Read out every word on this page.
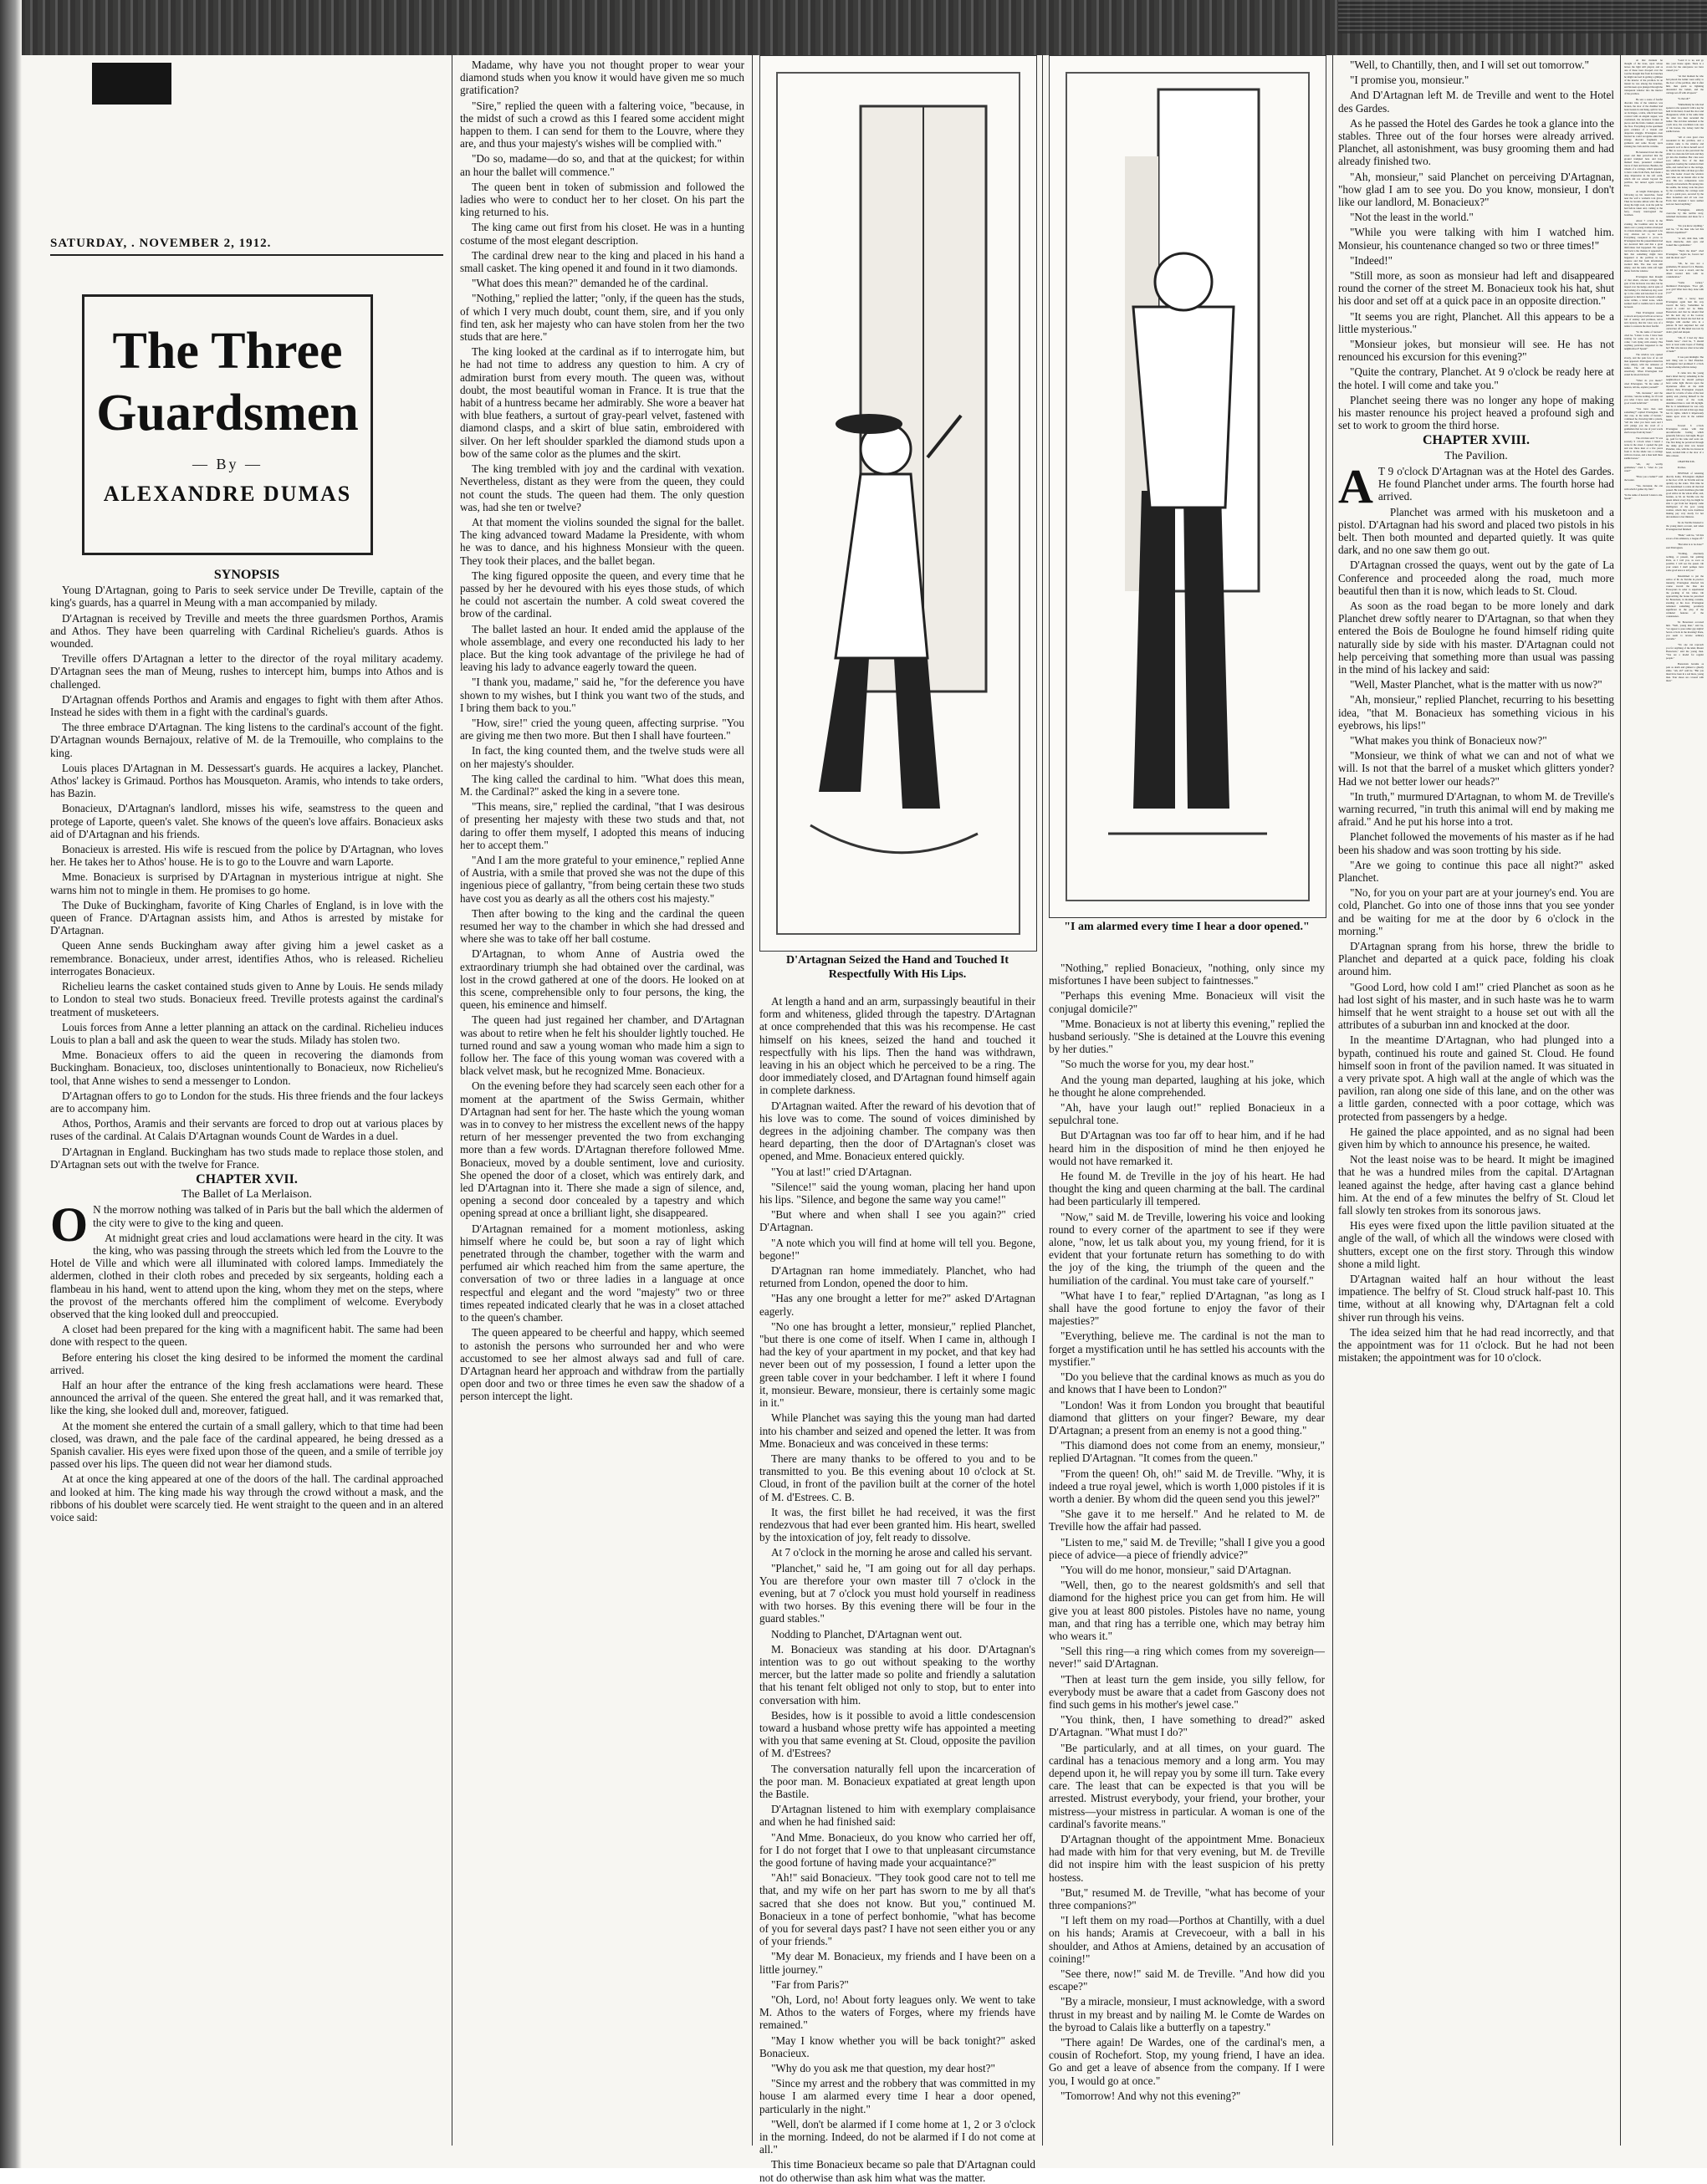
SATURDAY, . NOVEMBER 2, 1912.
The Three
Guardsmen
— By —
ALEXANDRE DUMAS

SYNOPSIS

Young D'Artagnan, going to Paris to seek service under De Treville, captain of the king's guards, has a quarrel in Meung with a man accompanied by milady.

D'Artagnan is received by Treville and meets the three guardsmen Porthos, Aramis and Athos. They have been quarreling with Cardinal Richelieu's guards. Athos is wounded.

Treville offers D'Artagnan a letter to the director of the royal military academy. D'Artagnan sees the man of Meung, rushes to intercept him, bumps into Athos and is challenged.

D'Artagnan offends Porthos and Aramis and engages to fight with them after Athos. Instead he sides with them in a fight with the cardinal's guards.

The three embrace D'Artagnan. The king listens to the cardinal's account of the fight. D'Artagnan wounds Bernajoux, relative of M. de la Tremouille, who complains to the king.

Louis places D'Artagnan in M. Dessessart's guards. He acquires a lackey, Planchet. Athos' lackey is Grimaud. Porthos has Mousqueton. Aramis, who intends to take orders, has Bazin.

Bonacieux, D'Artagnan's landlord, misses his wife, seamstress to the queen and protege of Laporte, queen's valet. She knows of the queen's love affairs. Bonacieux asks aid of D'Artagnan and his friends.

Bonacieux is arrested. His wife is rescued from the police by D'Artagnan, who loves her. He takes her to Athos' house. He is to go to the Louvre and warn Laporte.

Mme. Bonacieux is surprised by D'Artagnan in mysterious intrigue at night. She warns him not to mingle in them. He promises to go home.

The Duke of Buckingham, favorite of King Charles of England, is in love with the queen of France. D'Artagnan assists him, and Athos is arrested by mistake for D'Artagnan.

Queen Anne sends Buckingham away after giving him a jewel casket as a remembrance. Bonacieux, under arrest, identifies Athos, who is released. Richelieu interrogates Bonacieux.

Richelieu learns the casket contained studs given to Anne by Louis. He sends milady to London to steal two studs. Bonacieux freed. Treville protests against the cardinal's treatment of musketeers.

Louis forces from Anne a letter planning an attack on the cardinal. Richelieu induces Louis to plan a ball and ask the queen to wear the studs. Milady has stolen two.

Mme. Bonacieux offers to aid the queen in recovering the diamonds from Buckingham. Bonacieux, too, discloses unintentionally to Bonacieux, now Richelieu's tool, that Anne wishes to send a messenger to London.

D'Artagnan offers to go to London for the studs. His three friends and the four lackeys are to accompany him.

Athos, Porthos, Aramis and their servants are forced to drop out at various places by ruses of the cardinal. At Calais D'Artagnan wounds Count de Wardes in a duel.

D'Artagnan in England. Buckingham has two studs made to replace those stolen, and D'Artagnan sets out with the twelve for France.

CHAPTER XVII.

The Ballet of La Merlaison.

O N the morrow nothing was talked of in Paris but the ball which the aldermen of the city were to give to the king and queen.

At midnight great cries and loud acclamations were heard in the city. It was the king, who was passing through the streets which led from the Louvre to the Hotel de Ville and which were all illuminated with colored lamps. Immediately the aldermen, clothed in their cloth robes and preceded by six sergeants, holding each a flambeau in his hand, went to attend upon the king, whom they met on the steps, where the provost of the merchants offered him the compliment of welcome. Everybody observed that the king looked dull and preoccupied.

A closet had been prepared for the king with a magnificent habit. The same had been done with respect to the queen.

Before entering his closet the king desired to be informed the moment the cardinal arrived.

Half an hour after the entrance of the king fresh acclamations were heard. These announced the arrival of the queen. She entered the great hall, and it was remarked that, like the king, she looked dull and, moreover, fatigued.

At the moment she entered the curtain of a small gallery, which to that time had been closed, was drawn, and the pale face of the cardinal appeared, he being dressed as a Spanish cavalier. His eyes were fixed upon those of the queen, and a smile of terrible joy passed over his lips. The queen did not wear her diamond studs.

At at once the king appeared at one of the doors of the hall. The cardinal approached and looked at him. The king made his way through the crowd without a mask, and the ribbons of his doublet were scarcely tied. He went straight to the queen and in an altered voice said:

Madame, why have you not thought proper to wear your diamond studs when you know it would have given me so much gratification?

"Sire," replied the queen with a faltering voice, "because, in the midst of such a crowd as this I feared some accident might happen to them. I can send for them to the Louvre, where they are, and thus your majesty's wishes will be complied with."

"Do so, madame—do so, and that at the quickest; for within an hour the ballet will commence."

The queen bent in token of submission and followed the ladies who were to conduct her to her closet. On his part the king returned to his.

The king came out first from his closet. He was in a hunting costume of the most elegant description.

The cardinal drew near to the king and placed in his hand a small casket. The king opened it and found in it two diamonds.

"What does this mean?" demanded he of the cardinal.

"Nothing," replied the latter; "only, if the queen has the studs, of which I very much doubt, count them, sire, and if you only find ten, ask her majesty who can have stolen from her the two studs that are here."

The king looked at the cardinal as if to interrogate him, but he had not time to address any question to him. A cry of admiration burst from every mouth. The queen was, without doubt, the most beautiful woman in France. It is true that the habit of a huntress became her admirably. She wore a beaver hat with blue feathers, a surtout of gray-pearl velvet, fastened with diamond clasps, and a skirt of blue satin, embroidered with silver. On her left shoulder sparkled the diamond studs upon a bow of the same color as the plumes and the skirt.

The king trembled with joy and the cardinal with vexation. Nevertheless, distant as they were from the queen, they could not count the studs. The queen had them. The only question was, had she ten or twelve?

At that moment the violins sounded the signal for the ballet. The king advanced toward Madame la Presidente, with whom he was to dance, and his highness Monsieur with the queen. They took their places, and the ballet began.

The king figured opposite the queen, and every time that he passed by her he devoured with his eyes those studs, of which he could not ascertain the number. A cold sweat covered the brow of the cardinal.

The ballet lasted an hour. It ended amid the applause of the whole assemblage, and every one reconducted his lady to her place. But the king took advantage of the privilege he had of leaving his lady to advance eagerly toward the queen.

"I thank you, madame," said he, "for the deference you have shown to my wishes, but I think you want two of the studs, and I bring them back to you."

"How, sire!" cried the young queen, affecting surprise. "You are giving me then two more. But then I shall have fourteen."

In fact, the king counted them, and the twelve studs were all on her majesty's shoulder.

The king called the cardinal to him. "What does this mean, M. the Cardinal?" asked the king in a severe tone.

"This means, sire," replied the cardinal, "that I was desirous of presenting her majesty with these two studs and that, not daring to offer them myself, I adopted this means of inducing her to accept them."

"And I am the more grateful to your eminence," replied Anne of Austria, with a smile that proved she was not the dupe of this ingenious piece of gallantry, "from being certain these two studs have cost you as dearly as all the others cost his majesty."

Then after bowing to the king and the cardinal the queen resumed her way to the chamber in which she had dressed and where she was to take off her ball costume.

D'Artagnan, to whom Anne of Austria owed the extraordinary triumph she had obtained over the cardinal, was lost in the crowd gathered at one of the doors. He looked on at this scene, comprehensible only to four persons, the king, the queen, his eminence and himself.

The queen had just regained her chamber, and D'Artagnan was about to retire when he felt his shoulder lightly touched. He turned round and saw a young woman who made him a sign to follow her. The face of this young woman was covered with a black velvet mask, but he recognized Mme. Bonacieux.

On the evening before they had scarcely seen each other for a moment at the apartment of the Swiss Germain, whither D'Artagnan had sent for her. The haste which the young woman was in to convey to her mistress the excellent news of the happy return of her messenger prevented the two from exchanging more than a few words. D'Artagnan therefore followed Mme. Bonacieux, moved by a double sentiment, love and curiosity. She opened the door of a closet, which was entirely dark, and led D'Artagnan into it. There she made a sign of silence, and, opening a second door concealed by a tapestry and which opening spread at once a brilliant light, she disappeared.

D'Artagnan remained for a moment motionless, asking himself where he could be, but soon a ray of light which penetrated through the chamber, together with the warm and perfumed air which reached him from the same aperture, the conversation of two or three ladies in a language at once respectful and elegant and the word "majesty" two or three times repeated indicated clearly that he was in a closet attached to the queen's chamber.

The queen appeared to be cheerful and happy, which seemed to astonish the persons who surrounded her and who were accustomed to see her almost always sad and full of care. D'Artagnan heard her approach and withdraw from the partially open door and two or three times he even saw the shadow of a person intercept the light.

D'Artagnan Seized the Hand and Touched It Respectfully With His Lips.

At length a hand and an arm, surpassingly beautiful in their form and whiteness, glided through the tapestry. D'Artagnan at once comprehended that this was his recompense. He cast himself on his knees, seized the hand and touched it respectfully with his lips. Then the hand was withdrawn, leaving in his an object which he perceived to be a ring. The door immediately closed, and D'Artagnan found himself again in complete darkness.

D'Artagnan waited. After the reward of his devotion that of his love was to come. The sound of voices diminished by degrees in the adjoining chamber. The company was then heard departing, then the door of D'Artagnan's closet was opened, and Mme. Bonacieux entered quickly.

"You at last!" cried D'Artagnan.

"Silence!" said the young woman, placing her hand upon his lips. "Silence, and begone the same way you came!"

"But where and when shall I see you again?" cried D'Artagnan.

"A note which you will find at home will tell you. Begone, begone!"

D'Artagnan ran home immediately. Planchet, who had returned from London, opened the door to him.

"Has any one brought a letter for me?" asked D'Artagnan eagerly.

"No one has brought a letter, monsieur," replied Planchet, "but there is one come of itself. When I came in, although I had the key of your apartment in my pocket, and that key had never been out of my possession, I found a letter upon the green table cover in your bedchamber. I left it where I found it, monsieur. Beware, monsieur, there is certainly some magic in it."

While Planchet was saying this the young man had darted into his chamber and seized and opened the letter. It was from Mme. Bonacieux and was conceived in these terms:

There are many thanks to be offered to you and to be transmitted to you. Be this evening about 10 o'clock at St. Cloud, in front of the pavilion built at the corner of the hotel of M. d'Estrees. C. B.

It was, the first billet he had received, it was the first rendezvous that had ever been granted him. His heart, swelled by the intoxication of joy, felt ready to dissolve.

At 7 o'clock in the morning he arose and called his servant.

"Planchet," said he, "I am going out for all day perhaps. You are therefore your own master till 7 o'clock in the evening, but at 7 o'clock you must hold yourself in readiness with two horses. By this evening there will be four in the guard stables."

Nodding to Planchet, D'Artagnan went out.

M. Bonacieux was standing at his door. D'Artagnan's intention was to go out without speaking to the worthy mercer, but the latter made so polite and friendly a salutation that his tenant felt obliged not only to stop, but to enter into conversation with him.

Besides, how is it possible to avoid a little condescension toward a husband whose pretty wife has appointed a meeting with you that same evening at St. Cloud, opposite the pavilion of M. d'Estrees?

The conversation naturally fell upon the incarceration of the poor man. M. Bonacieux expatiated at great length upon the Bastile.

D'Artagnan listened to him with exemplary complaisance and when he had finished said:

"And Mme. Bonacieux, do you know who carried her off, for I do not forget that I owe to that unpleasant circumstance the good fortune of having made your acquaintance?"

"Ah!" said Bonacieux. "They took good care not to tell me that, and my wife on her part has sworn to me by all that's sacred that she does not know. But you," continued M. Bonacieux in a tone of perfect bonhomie, "what has become of you for several days past? I have not seen either you or any of your friends."

"My dear M. Bonacieux, my friends and I have been on a little journey."

"Far from Paris?"

"Oh, Lord, no! About forty leagues only. We went to take M. Athos to the waters of Forges, where my friends have remained."

"May I know whether you will be back tonight?" asked Bonacieux.

"Why do you ask me that question, my dear host?"

"Since my arrest and the robbery that was committed in my house I am alarmed every time I hear a door opened, particularly in the night."

"Well, don't be alarmed if I come home at 1, 2 or 3 o'clock in the morning. Indeed, do not be alarmed if I do not come at all."

This time Bonacieux became so pale that D'Artagnan could not do otherwise than ask him what was the matter.

"I am alarmed every time I hear a door opened."

"Nothing," replied Bonacieux, "nothing, only since my misfortunes I have been subject to faintnesses."

"Perhaps this evening Mme. Bonacieux will visit the conjugal domicile?"

"Mme. Bonacieux is not at liberty this evening," replied the husband seriously. "She is detained at the Louvre this evening by her duties."

"So much the worse for you, my dear host."

And the young man departed, laughing at his joke, which he thought he alone comprehended.

"Ah, have your laugh out!" replied Bonacieux in a sepulchral tone.

But D'Artagnan was too far off to hear him, and if he had heard him in the disposition of mind he then enjoyed he would not have remarked it.

He found M. de Treville in the joy of his heart. He had thought the king and queen charming at the ball. The cardinal had been particularly ill tempered.

"Now," said M. de Treville, lowering his voice and looking round to every corner of the apartment to see if they were alone, "now, let us talk about you, my young friend, for it is evident that your fortunate return has something to do with the joy of the king, the triumph of the queen and the humiliation of the cardinal. You must take care of yourself."

"What have I to fear," replied D'Artagnan, "as long as I shall have the good fortune to enjoy the favor of their majesties?"

"Everything, believe me. The cardinal is not the man to forget a mystification until he has settled his accounts with the mystifier."

"Do you believe that the cardinal knows as much as you do and knows that I have been to London?"

"London! Was it from London you brought that beautiful diamond that glitters on your finger? Beware, my dear D'Artagnan; a present from an enemy is not a good thing."

"This diamond does not come from an enemy, monsieur," replied D'Artagnan. "It comes from the queen."

"From the queen! Oh, oh!" said M. de Treville. "Why, it is indeed a true royal jewel, which is worth 1,000 pistoles if it is worth a denier. By whom did the queen send you this jewel?"

"She gave it to me herself." And he related to M. de Treville how the affair had passed.

"Listen to me," said M. de Treville; "shall I give you a good piece of advice—a piece of friendly advice?"

"You will do me honor, monsieur," said D'Artagnan.

"Well, then, go to the nearest goldsmith's and sell that diamond for the highest price you can get from him. He will give you at least 800 pistoles. Pistoles have no name, young man, and that ring has a terrible one, which may betray him who wears it."

"Sell this ring—a ring which comes from my sovereign—never!" said D'Artagnan.

"Then at least turn the gem inside, you silly fellow, for everybody must be aware that a cadet from Gascony does not find such gems in his mother's jewel case."

"You think, then, I have something to dread?" asked D'Artagnan. "What must I do?"

"Be particularly, and at all times, on your guard. The cardinal has a tenacious memory and a long arm. You may depend upon it, he will repay you by some ill turn. Take every care. The least that can be expected is that you will be arrested. Mistrust everybody, your friend, your brother, your mistress—your mistress in particular. A woman is one of the cardinal's favorite means."

D'Artagnan thought of the appointment Mme. Bonacieux had made with him for that very evening, but M. de Treville did not inspire him with the least suspicion of his pretty hostess.

"But," resumed M. de Treville, "what has become of your three companions?"

"I left them on my road—Porthos at Chantilly, with a duel on his hands; Aramis at Crevecoeur, with a ball in his shoulder, and Athos at Amiens, detained by an accusation of coining!"

"See there, now!" said M. de Treville. "And how did you escape?"

"By a miracle, monsieur, I must acknowledge, with a sword thrust in my breast and by nailing M. le Comte de Wardes on the byroad to Calais like a butterfly on a tapestry."

"There again! De Wardes, one of the cardinal's men, a cousin of Rochefort. Stop, my young friend, I have an idea. Go and get a leave of absence from the company. If I were you, I would go at once."

"Tomorrow! And why not this evening?"

"Well, to Chantilly, then, and I will set out tomorrow."

"I promise you, monsieur."

And D'Artagnan left M. de Treville and went to the Hotel des Gardes.

As he passed the Hotel des Gardes he took a glance into the stables. Three out of the four horses were already arrived. Planchet, all astonishment, was busy grooming them and had already finished two.

"Ah, monsieur," said Planchet on perceiving D'Artagnan, "how glad I am to see you. Do you know, monsieur, I don't like our landlord, M. Bonacieux?"

"Not the least in the world."

"While you were talking with him I watched him. Monsieur, his countenance changed so two or three times!"

"Indeed!"

"Still more, as soon as monsieur had left and disappeared round the corner of the street M. Bonacieux took his hat, shut his door and set off at a quick pace in an opposite direction."

"It seems you are right, Planchet. All this appears to be a little mysterious."

"Monsieur jokes, but monsieur will see. He has not renounced his excursion for this evening?"

"Quite the contrary, Planchet. At 9 o'clock be ready here at the hotel. I will come and take you."

Planchet seeing there was no longer any hope of making his master renounce his project heaved a profound sigh and set to work to groom the third horse.

CHAPTER XVIII.

The Pavilion.

A T 9 o'clock D'Artagnan was at the Hotel des Gardes. He found Planchet under arms. The fourth horse had arrived.

Planchet was armed with his musketoon and a pistol. D'Artagnan had his sword and placed two pistols in his belt. Then both mounted and departed quietly. It was quite dark, and no one saw them go out.

D'Artagnan crossed the quays, went out by the gate of La Conference and proceeded along the road, much more beautiful then than it is now, which leads to St. Cloud.

As soon as the road began to be more lonely and dark Planchet drew softly nearer to D'Artagnan, so that when they entered the Bois de Boulogne he found himself riding quite naturally side by side with his master. D'Artagnan could not help perceiving that something more than usual was passing in the mind of his lackey and said:

"Well, Master Planchet, what is the matter with us now?"

"Ah, monsieur," replied Planchet, recurring to his besetting idea, "that M. Bonacieux has something vicious in his eyebrows, his lips!"

"What makes you think of Bonacieux now?"

"Monsieur, we think of what we can and not of what we will. Is not that the barrel of a musket which glitters yonder? Had we not better lower our heads?"

"In truth," murmured D'Artagnan, to whom M. de Treville's warning recurred, "in truth this animal will end by making me afraid." And he put his horse into a trot.

Planchet followed the movements of his master as if he had been his shadow and was soon trotting by his side.

"Are we going to continue this pace all night?" asked Planchet.

"No, for you on your part are at your journey's end. You are cold, Planchet. Go into one of those inns that you see yonder and be waiting for me at the door by 6 o'clock in the morning."

D'Artagnan sprang from his horse, threw the bridle to Planchet and departed at a quick pace, folding his cloak around him.

"Good Lord, how cold I am!" cried Planchet as soon as he had lost sight of his master, and in such haste was he to warm himself that he went straight to a house set out with all the attributes of a suburban inn and knocked at the door.

In the meantime D'Artagnan, who had plunged into a bypath, continued his route and gained St. Cloud. He found himself soon in front of the pavilion named. It was situated in a very private spot. A high wall at the angle of which was the pavilion, ran along one side of this lane, and on the other was a little garden, connected with a poor cottage, which was protected from passengers by a hedge.

He gained the place appointed, and as no signal had been given him by which to announce his presence, he waited.

Not the least noise was to be heard. It might be imagined that he was a hundred miles from the capital. D'Artagnan leaned against the hedge, after having cast a glance behind him. At the end of a few minutes the belfry of St. Cloud let fall slowly ten strokes from its sonorous jaws.

His eyes were fixed upon the little pavilion situated at the angle of the wall, of which all the windows were closed with shutters, except one on the first story. Through this window shone a mild light.

D'Artagnan waited half an hour without the least impatience. The belfry of St. Cloud struck half-past 10. This time, without at all knowing why, D'Artagnan felt a cold shiver run through his veins.

The idea seized him that he had read incorrectly, and that the appointment was for 11 o'clock. But he had not been mistaken; the appointment was for 10 o'clock.

At that moment he thought of the trees, upon whose leaves the light still played, and as one of these trees drooped over the road he thought that from its branches he might succeed in getting a glimpse of the interior of the pavilion. In an instant he was among the branches, and his keen eyes plunged through the transparent window into the interior of the pavilion.

He saw a scene of fearful disorder. One of the windows was broken, the door of the chamber had been beaten in and hung, split in two, on its hinges, a table, which had been covered with an elegant supper, was overturned, the decanters broken in pieces and the fruits crushed, strewed the floor. Everything in the apartment gave evidence of a violent and desperate struggle. D'Artagnan even fancied he could recognize amid this strange disorder fragments of garments and some bloody spots staining the cloth and the curtains.

He hastened down into the street and then perceived that the ground trampled here and hoof marked there, presented confused traces of men and horses. Besides, the wheels of a carriage, which appeared to have come from Paris, had made a deep impression in the soft earth, which did not extend beyond the pavilion, but turned again toward Paris.

At length D'Artagnan, in following up his researches, found near the wall a woman's torn glove. Then he became almost wild. He ran along the high road, took the path he had before taken and, coming to the ferry, closely interrogated the boatman.

About 7 o'clock in the evening, the boatman said, he had taken over a young woman enveloped in a black mantle, who appeared to be very anxious not to be seen. Everything conspired to prove to D'Artagnan that his presentiments had not deceived him and that a great misfortune had happened. He again ran back to the chateau. It appeared to him that something might have happened at the pavilion in his absence and that fresh information awaited him. The lane was still empty, and the same calm soft light shone from the window.

D'Artagnan then thought of that silent, obscure cottage. The gate of the inclosure was shut, but he leaped over the hedge, and in spite of the barking of a chained-up dog, went up to the cabin and knocked. It soon appeared to him that he heard a slight noise within, a timid noise, which seemed itself to tremble lest it should be heard.

Then D'Artagnan ceased to knock and prayed with an accent so full of anxiety and promises, terror and cajolery, that his voice was of a nature to reassure the most fearful.

"In the name of heaven!" cried he. "Listen to me. I have been waiting for some one who is not come; I am dying with anxiety. Has anything particular happened in the neighborhood? Speak!"

The window was opened slowly, and the pale face of an old man appeared. D'Artagnan related his story simply, with the omission of names. The old man listened attentively. When D'Artagnan had ended he shook his head.

"What do you mean?" cried D'Artagnan. "In the name of heaven, tell me, explain yourself!"

"Oh, monsieur," said the old man, "ask me nothing, for if I told you what I have seen certainly no good would befall me!"

"You have then seen something?" replied D'Artagnan. "In that case, in the name of heaven," continued he, throwing him a pistole, "tell me what you have seen and I will pledge you the word of a gentleman that not one of your words shall escape from my heart."

The old man said: "It was scarcely 9 o'clock when I heard a noise in the street. I opened the gate and saw three men at a few paces from it. In the shade was a carriage with two horses, and a man held three saddle horses."

"Ah, my worthy gentlemen," cried I, "what do you want?"

"Have you a ladder?" said the leader.

"Yes, monsieur, the one with which I gather my fruit."

"In the name of heaven! Listen to me. Speak!"

"Lend it to us, and go into your house again. There is a crown for the annoyance we have caused you."

"At that moment he who had placed the ladder went softly to the door of the pavilion, shut it after him, then quick as lightning descended the ladder, and the carriage set off with all speed."

"Is that all?"

"Immediately he who had spoken to me opened it with a key he held in his hand, closed the door and disappeared, while at the same time the other two men ascended the ladder. The old man remained at the coach door, the coachman took care of his horses, the lackey held the saddle horses.

"All at once great cries resounded in the pavilion, and a woman came to the window and opened it as if to throw herself out of it. But as soon as she perceived the other two men she fell back and they got into the chamber. Her cries were soon stifled. Two of the men appeared, bearing the woman in their arms, and carried her to the carriage, into which the little old man got after her. The leader closed the window and came out an instant after at the door. His two companions were already on horseback. He sprang into his saddle, the lackey took his place by the coachman, the carriage went off at a quick pace, escorted by the three horsemen and all was over. From that moment I have neither seen nor heard anything."

D'Artagnan, entirely overcome by this terrible story, remained motionless and mute for a minute.

"Do you know anything," said he, "of the man who led this infernal expedition?"

"A tall, dark man, with black mustache, dark eyes and looked like a gentleman."

"That's the man!" cried D'Artagnan. "Again he, forever he! And the short one?"

"Oh, he was not a gentleman, I'll answer for it. Besides, he did not wear a sword, and the others treated him with no consideration."

"Some lackey," murmured D'Artagnan. "Poor girl, poor girl! What have they done with you?"

With a heavy heart D'Artagnan again bent his way toward the ferry. Sometimes he hoped it could not be Mme. Bonacieux and that he should find her the next day at the Louvre; sometimes he feared she had had an intrigue with another who in a jealous fit had surprised her and carried her off. His mind was torn by doubt, grief and despair.

"Oh, if I had my three friends here," cried he, "I should have at least some hopes of finding her! But who knows what is become of them?"

It was past midnight. The next thing was to find Planchet. D'Artagnan had promised 6 o'clock in the morning with his lackey.

It came into the young man's mind that by remaining in the neighborhood he should perhaps have some light thrown upon the mysterious affair. At the sixth cabaret, then, D'Artagnan stopped, asked for a bottle of wine of the best quality and, placing himself in the darkest corner of the room, determined thus to wait till daylight. But be it remembered he was only twenty years old and at that age sleep has its rights, which it imperiously insists upon even in the saddest hearts.

Toward 6 o'clock D'Artagnan awoke with that uncomfortable feeling which generally follows a bad night. He got up, paid for his wine and went out. The first thing he perceived through the damp gray mist was honest Planchet, who, with the two horses in hand, awaited him at the door of a little cabaret.

CHAPTER XIX.

Porthos.

INSTEAD of returning directly home, D'Artagnan alighted at the door of M. de Treville and ran quickly up the stairs. This time he was determined to relate all that had passed. He would doubtless give him good advice in the whole affair, and, besides, as M. de Treville saw the queen almost every day, he might be able to get from her majesty some intelligence of the poor young woman, whom they were doubtless making pay very dearly for her devotedness to her mistress.

M. de Treville listened to the young man's account, and when D'Artagnan had finished:

"Hum," said he, "all this savors of his eminence, a league off."

"But what is to be done?" said D'Artagnan.

"Nothing, absolutely nothing, at present, but quitting Paris, as I told you, as soon as possible. I will see the queen. On your return I shall perhaps have some good news to tell you."

Determined to put the advice of M. de Treville in practice instantly, D'Artagnan directed his course toward the Rue des Fossoyeurs in order to superintend the packing of his valise. On approaching the house he perceived M. Bonacieux, in morning costume, standing at his door. D'Artagnan remarked something peculiarly significant in the play of the wrinkled features of the countenance.

M. Bonacieux accosted him. "Well, young man," said he, "we appear to pass rather gay nights! Seven o'clock in the morning! Peste, you seem to reverse ordinary customs."

"No one can reproach you for anything of the kind, Master Bonacieux," said the young man. "You are a model for regular people."

Bonacieux became as pale as death and grinned a ghastly smile. "Ah, ah!" said he. "But you must have been in a sad mess, young man. Your shoes are covered with mud."
